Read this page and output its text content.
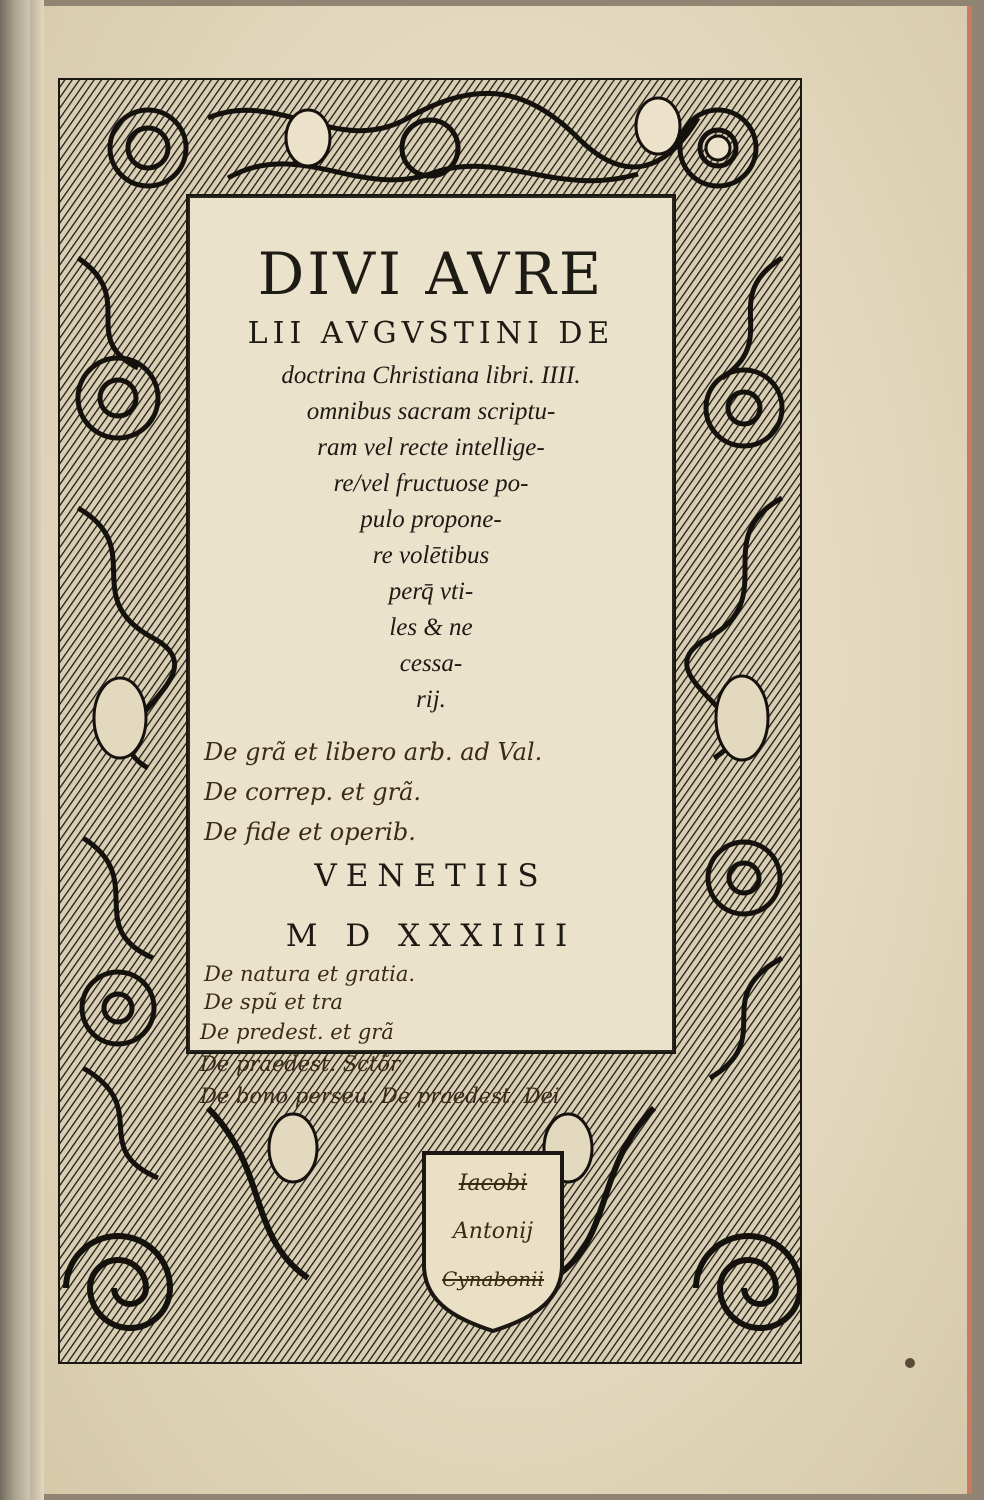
DIVI AVRE
LII AVGVSTINI DE
doctrina Christiana libri. IIII.
omnibus sacram scriptu-
ram vel recte intellige-
re/vel fructuose po-
pulo propone-
re volētibus
perq̄ vti-
les & ne
cessa-
rij.
De grã et libero arb. ad Val.
De correp. et grã.
De fide et operib.
VENETIIS
M D XXXIIII
De natura et gratia.
De spũ et tra
De predest. et grã
De praedest. Sctõr
De bono perseu. De praedest. Dei
Iacobi
Antonij
Cynabonii
